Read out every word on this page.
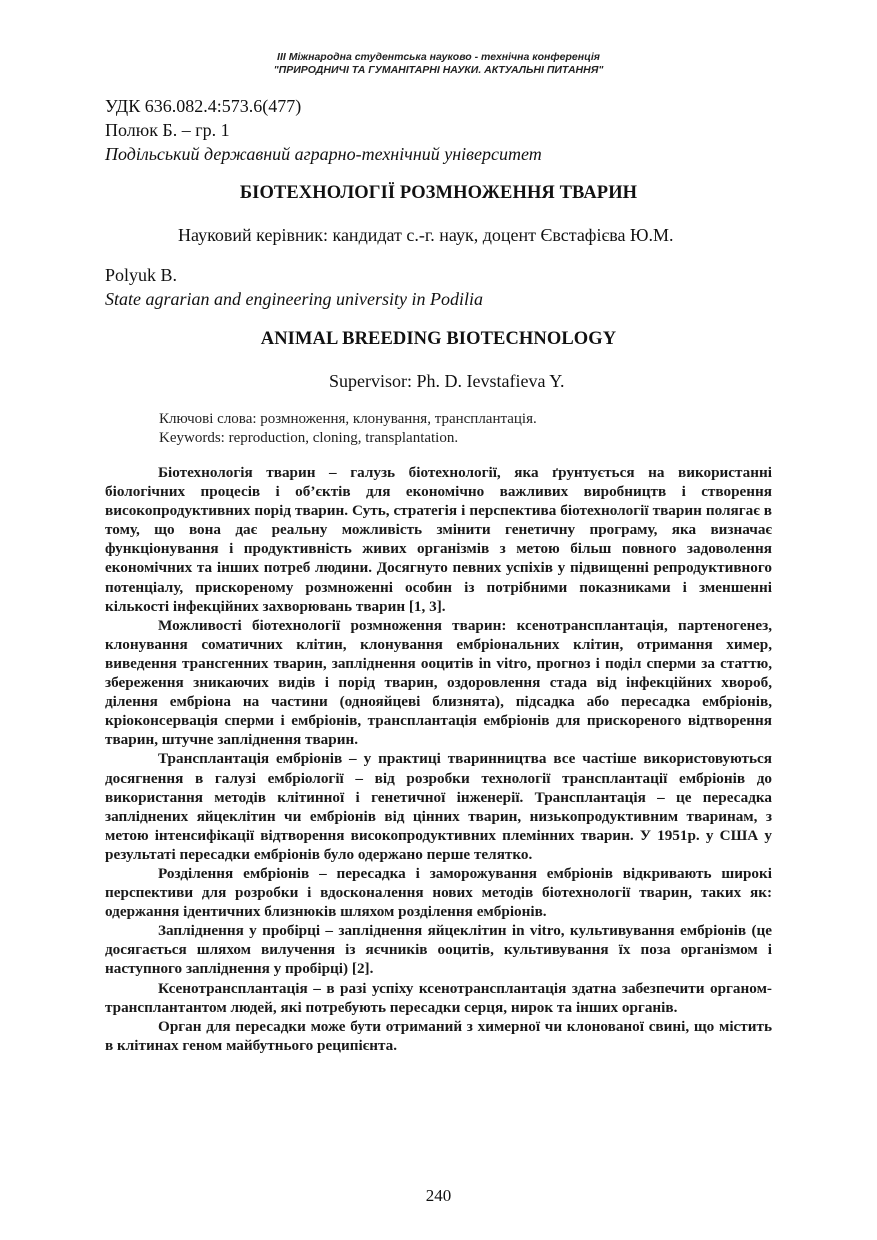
III Міжнародна студентська науково - технічна конференція
"ПРИРОДНИЧІ ТА ГУМАНІТАРНІ НАУКИ. АКТУАЛЬНІ ПИТАННЯ"
УДК 636.082.4:573.6(477)
Полюк Б. – гр. 1
Подільський державний аграрно-технічний університет
БІОТЕХНОЛОГІЇ РОЗМНОЖЕННЯ ТВАРИН
Науковий керівник: кандидат с.-г. наук, доцент Євстафієва Ю.М.
Polyuk B.
State agrarian and engineering university in Podilia
ANIMAL BREEDING BIOTECHNOLOGY
Supervisor: Ph. D. Ievstafieva Y.
Ключові слова: розмноження, клонування, трансплантація.
Keywords: reproduction, cloning, transplantation.

Біотехнологія тварин – галузь біотехнології, яка ґрунтується на використанні біологічних процесів і об’єктів для економічно важливих виробництв і створення високопродуктивних порід тварин. Суть, стратегія і перспектива біотехнології тварин полягає в тому, що вона дає реальну можливість змінити генетичну програму, яка визначає функціонування і продуктивність живих організмів з метою більш повного задоволення економічних та інших потреб людини. Досягнуто певних успіхів у підвищенні репродуктивного потенціалу, прискореному розмноженні особин із потрібними показниками і зменшенні кількості інфекційних захворювань тварин [1, 3].

Можливості біотехнології розмноження тварин: ксенотрансплантація, партеногенез, клонування соматичних клітин, клонування ембріональних клітин, отримання химер, виведення трансгенних тварин, запліднення ооцитів in vitro, прогноз і поділ сперми за статтю, збереження зникаючих видів і порід тварин, оздоровлення стада від інфекційних хвороб, ділення ембріона на частини (однояйцеві близнята), підсадка або пересадка ембріонів, кріоконсервація сперми і ембріонів, трансплантація ембріонів для прискореного відтворення тварин, штучне запліднення тварин.

Трансплантація ембріонів – у практиці тваринництва все частіше використовуються досягнення в галузі ембріології – від розробки технології трансплантації ембріонів до використання методів клітинної і генетичної інженерії. Трансплантація – це пересадка запліднених яйцеклітин чи ембріонів від цінних тварин, низькопродуктивним тваринам, з метою інтенсифікації відтворення високопродуктивних племінних тварин. У 1951р. у США у результаті пересадки ембріонів було одержано перше телятко.

Розділення ембріонів – пересадка і заморожування ембріонів відкривають широкі перспективи для розробки і вдосконалення нових методів біотехнології тварин, таких як: одержання ідентичних близнюків шляхом розділення ембріонів.

Запліднення у пробірці – запліднення яйцеклітин in vitro, культивування ембріонів (це досягається шляхом вилучення із яєчників ооцитів, культивування їх поза організмом і наступного запліднення у пробірці) [2].

Ксенотрансплантація – в разі успіху ксенотрансплантація здатна забезпечити органом-трансплантантом людей, які потребують пересадки серця, нирок та інших органів.

Орган для пересадки може бути отриманий з химерної чи клонованої свині, що містить в клітинах геном майбутнього реципієнта.

240
